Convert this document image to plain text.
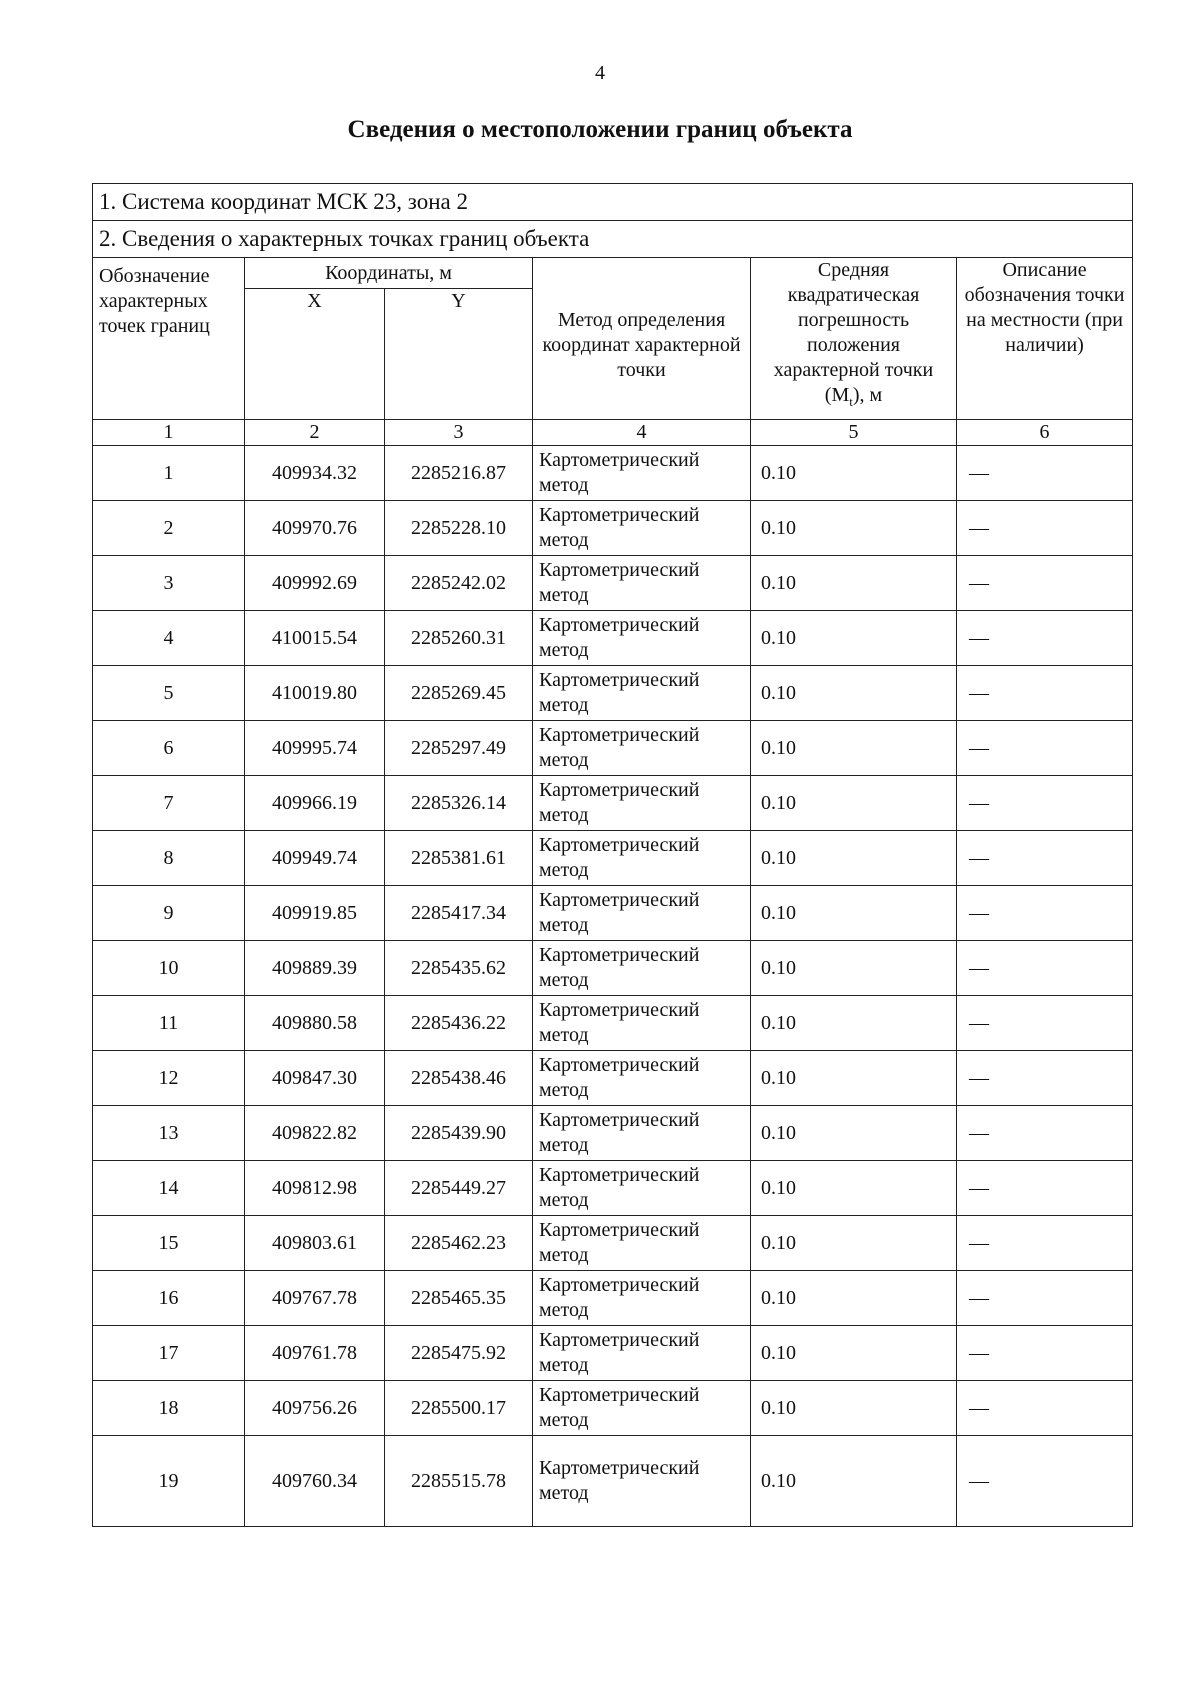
4
Сведения о местоположении границ объекта
1. Система координат МСК 23, зона 2					
2. Сведения о характерных точках границ объекта					
Обозначение характерных точек границ	Координаты, м		Метод определения координат характерной точки	Средняя квадратическая погрешность положения характерной точки $(M_t)$, м	Описание обозначения точки на местности (при наличии)
	X	Y			
1	2	3	4	5	6
1	409934.32	2285216.87	Картометрический метод	0.10	—
2	409970.76	2285228.10	Картометрический метод	0.10	—
3	409992.69	2285242.02	Картометрический метод	0.10	—
4	410015.54	2285260.31	Картометрический метод	0.10	—
5	410019.80	2285269.45	Картометрический метод	0.10	—
6	409995.74	2285297.49	Картометрический метод	0.10	—
7	409966.19	2285326.14	Картометрический метод	0.10	—
8	409949.74	2285381.61	Картометрический метод	0.10	—
9	409919.85	2285417.34	Картометрический метод	0.10	—
10	409889.39	2285435.62	Картометрический метод	0.10	—
11	409880.58	2285436.22	Картометрический метод	0.10	—
12	409847.30	2285438.46	Картометрический метод	0.10	—
13	409822.82	2285439.90	Картометрический метод	0.10	—
14	409812.98	2285449.27	Картометрический метод	0.10	—
15	409803.61	2285462.23	Картометрический метод	0.10	—
16	409767.78	2285465.35	Картометрический метод	0.10	—
17	409761.78	2285475.92	Картометрический метод	0.10	—
18	409756.26	2285500.17	Картометрический метод	0.10	—
19	409760.34	2285515.78	Картометрический метод	0.10	—
